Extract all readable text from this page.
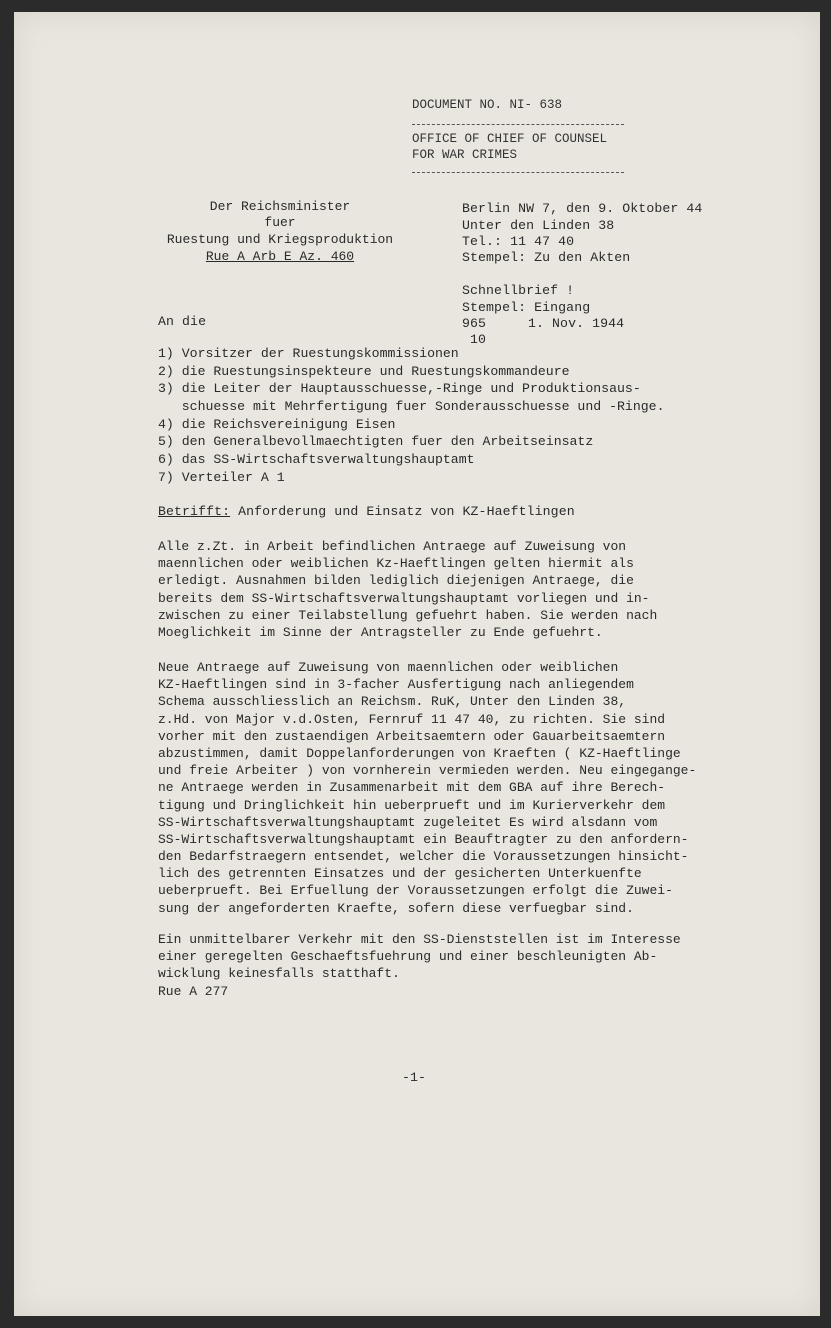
DOCUMENT NO. NI- 638
OFFICE OF CHIEF OF COUNSEL
FOR WAR CRIMES
Der Reichsminister
fuer
Ruestung und Kriegsproduktion
Rue A Arb E Az. 460
Berlin NW 7, den 9. Oktober 44
Unter den Linden 38
Tel.: 11 47 40
Stempel: Zu den Akten
Schnellbrief !
Stempel: Eingang
965	1. Nov. 1944
10
An die
1) Vorsitzer der Ruestungskommissionen
2) die Ruestungsinspekteure und Ruestungskommandeure
3) die Leiter der Hauptausschuesse,-Ringe und Produktionsaus-
schuesse mit Mehrfertigung fuer Sonderausschuesse und -Ringe.
4) die Reichsvereinigung Eisen
5) den Generalbevollmaechtigten fuer den Arbeitseinsatz
6) das SS-Wirtschaftsverwaltungshauptamt
7) Verteiler A 1
Betrifft: Anforderung und Einsatz von KZ-Haeftlingen
Alle z.Zt. in Arbeit befindlichen Antraege auf Zuweisung von
maennlichen oder weiblichen Kz-Haeftlingen gelten hiermit als
erledigt. Ausnahmen bilden lediglich diejenigen Antraege, die
bereits dem SS-Wirtschaftsverwaltungshauptamt vorliegen und in-
zwischen zu einer Teilabstellung gefuehrt haben. Sie werden nach
Moeglichkeit im Sinne der Antragsteller zu Ende gefuehrt.
Neue Antraege auf Zuweisung von maennlichen oder weiblichen
KZ-Haeftlingen sind in 3-facher Ausfertigung nach anliegendem
Schema ausschliesslich an Reichsm. RuK, Unter den Linden 38,
z.Hd. von Major v.d.Osten, Fernruf 11 47 40, zu richten. Sie sind
vorher mit den zustaendigen Arbeitsaemtern oder Gauarbeitsaemtern
abzustimmen, damit Doppelanforderungen von Kraeften ( KZ-Haeftlinge
und freie Arbeiter ) von vornherein vermieden werden. Neu eingegange-
ne Antraege werden in Zusammenarbeit mit dem GBA auf ihre Berech-
tigung und Dringlichkeit hin ueberprueft und im Kurierverkehr dem
SS-Wirtschaftsverwaltungshauptamt zugeleitet Es wird alsdann vom
SS-Wirtschaftsverwaltungshauptamt ein Beauftragter zu den anfordern-
den Bedarfstraegern entsendet, welcher die Voraussetzungen hinsicht-
lich des getrennten Einsatzes und der gesicherten Unterkuenfte
ueberprueft. Bei Erfuellung der Voraussetzungen erfolgt die Zuwei-
sung der angeforderten Kraefte, sofern diese verfuegbar sind.
Ein unmittelbarer Verkehr mit den SS-Dienststellen ist im Interesse
einer geregelten Geschaeftsfuehrung und einer beschleunigten Ab-
wicklung keinesfalls statthaft.
Rue A 277
-1-
